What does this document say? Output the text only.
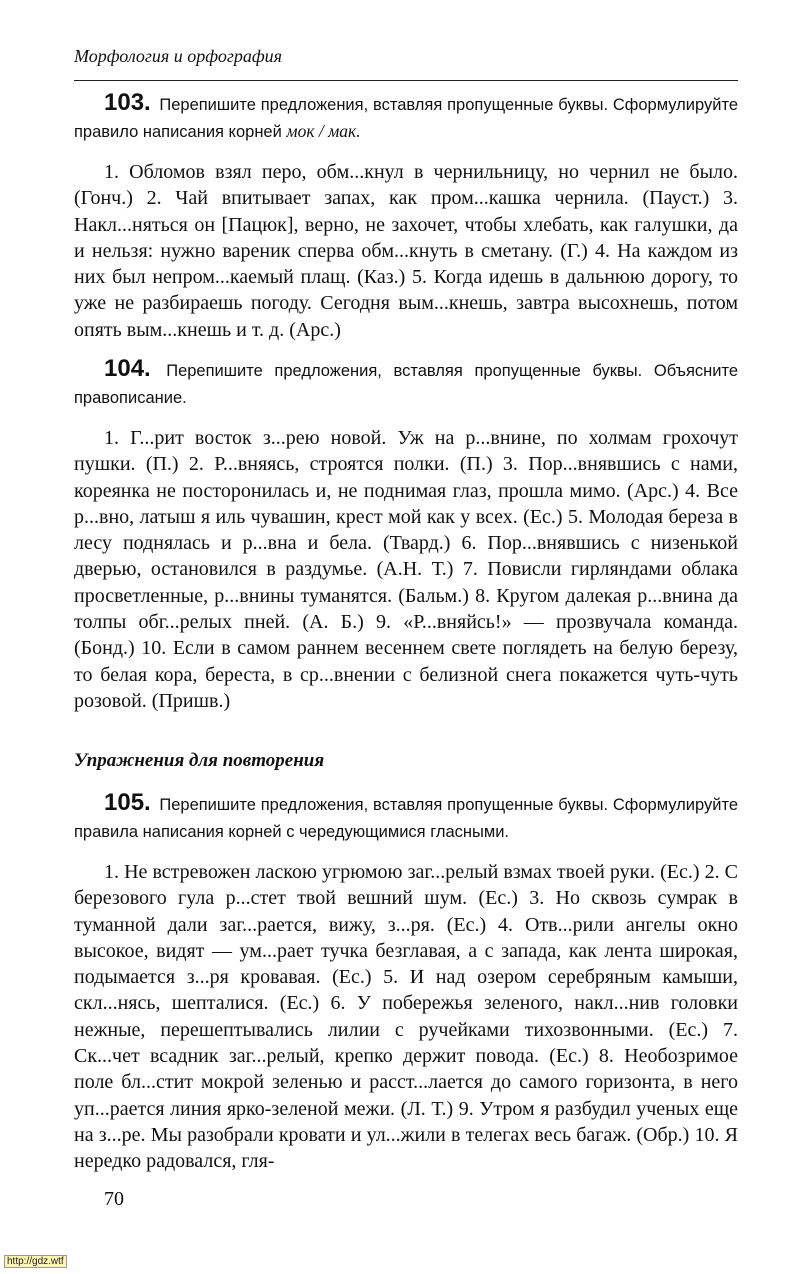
Морфология и орфография
103. Перепишите предложения, вставляя пропущенные буквы. Сформулируйте правило написания корней мок / мак.
1. Обломов взял перо, обм...кнул в чернильницу, но чернил не было. (Гонч.) 2. Чай впитывает запах, как пром...кашка чернила. (Пауст.) 3. Накл...няться он [Пацюк], верно, не захочет, чтобы хлебать, как галушки, да и нельзя: нужно вареник сперва обм...кнуть в сметану. (Г.) 4. На каждом из них был непром...каемый плащ. (Каз.) 5. Когда идешь в дальнюю дорогу, то уже не разбираешь погоду. Сегодня вым...кнешь, завтра высохнешь, потом опять вым...кнешь и т. д. (Арс.)
104. Перепишите предложения, вставляя пропущенные буквы. Объясните правописание.
1. Г...рит восток з...рею новой. Уж на р...внине, по холмам грохочут пушки. (П.) 2. Р...вняясь, строятся полки. (П.) 3. Пор...внявшись с нами, кореянка не посторонилась и, не поднимая глаз, прошла мимо. (Арс.) 4. Все р...вно, латыш я иль чувашин, крест мой как у всех. (Ес.) 5. Молодая береза в лесу поднялась и р...вна и бела. (Твард.) 6. Пор...внявшись с низенькой дверью, остановился в раздумье. (А.Н. Т.) 7. Повисли гирляндами облака просветленные, р...внины туманятся. (Бальм.) 8. Кругом далекая р...внина да толпы обг...релых пней. (А. Б.) 9. «Р...вняйсь!» — прозвучала команда. (Бонд.) 10. Если в самом раннем весеннем свете поглядеть на белую березу, то белая кора, береста, в ср...внении с белизной снега покажется чуть-чуть розовой. (Пришв.)
Упражнения для повторения
105. Перепишите предложения, вставляя пропущенные буквы. Сформулируйте правила написания корней с чередующимися гласными.
1. Не встревожен ласкою угрюмою заг...релый взмах твоей руки. (Ес.) 2. С березового гула р...стет твой вешний шум. (Ес.) 3. Но сквозь сумрак в туманной дали заг...рается, вижу, з...ря. (Ес.) 4. Отв...рили ангелы окно высокое, видят — ум...рает тучка безглавая, а с запада, как лента широкая, подымается з...ря кровавая. (Ес.) 5. И над озером серебряным камыши, скл...нясь, шепталися. (Ес.) 6. У побережья зеленого, накл...нив головки нежные, перешептывались лилии с ручейками тихозвонными. (Ес.) 7. Ск...чет всадник заг...релый, крепко держит повода. (Ес.) 8. Необозримое поле бл...стит мокрой зеленью и расст...лается до самого горизонта, в него уп...рается линия ярко-зеленой межи. (Л. Т.) 9. Утром я разбудил ученых еще на з...ре. Мы разобрали кровати и ул...жили в телегах весь багаж. (Обр.) 10. Я нередко радовался, гля-
70
http://gdz.wtf
